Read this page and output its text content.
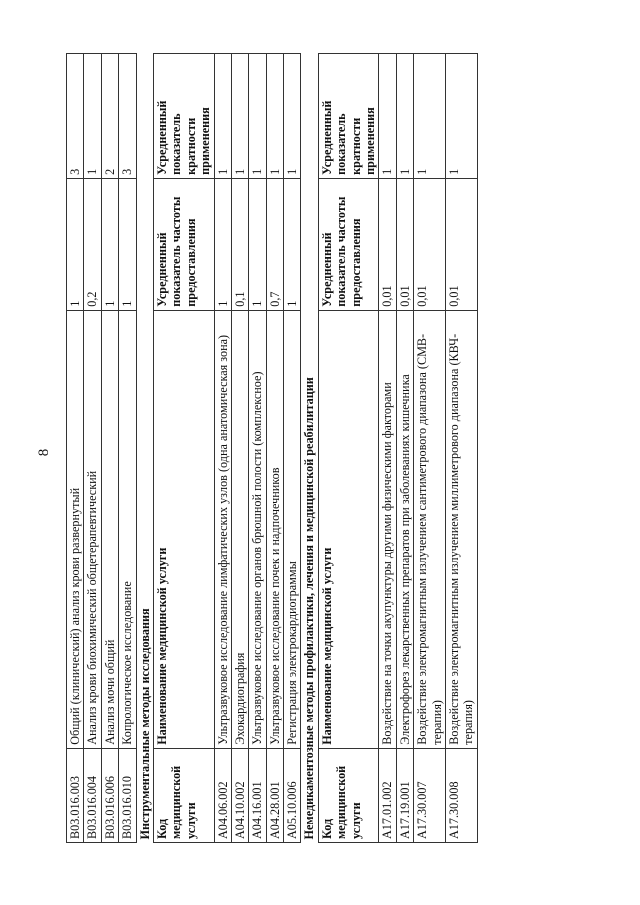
8
B03.016.003	Общий (клинический) анализ крови развернутый	1	3
B03.016.004	Анализ крови биохимический общетерапевтический	0,2	1
B03.016.006	Анализ мочи общий	1	2
B03.016.010	Копрологическое исследование	1	3
Инструментальные методы исследования			
Код медицинской услуги	Наименование медицинской услуги	Усредненный показатель частоты предоставления	Усредненный показатель кратности применения
A04.06.002	Ультразвуковое исследование лимфатических узлов (одна анатомическая зона)	1	1
A04.10.002	Эхокардиография	0,1	1
A04.16.001	Ультразвуковое исследование органов брюшной полости (комплексное)	1	1
A04.28.001	Ультразвуковое исследование почек и надпочечников	0,7	1
A05.10.006	Регистрация электрокардиограммы	1	1
Немедикаментозные методы профилактики, лечения и медицинской реабилитации			
Код медицинской услуги	Наименование медицинской услуги	Усредненный показатель частоты предоставления	Усредненный показатель кратности применения
A17.01.002	Воздействие на точки акупунктуры другими физическими факторами	0,01	1
A17.19.001	Электрофорез лекарственных препаратов при заболеваниях кишечника	0,01	1
A17.30.007	Воздействие электромагнитным излучением сантиметрового диапазона (СМВ-терапия)	0,01	1
A17.30.008	Воздействие электромагнитным излучением миллиметрового диапазона (КВЧ-терапия)	0,01	1
